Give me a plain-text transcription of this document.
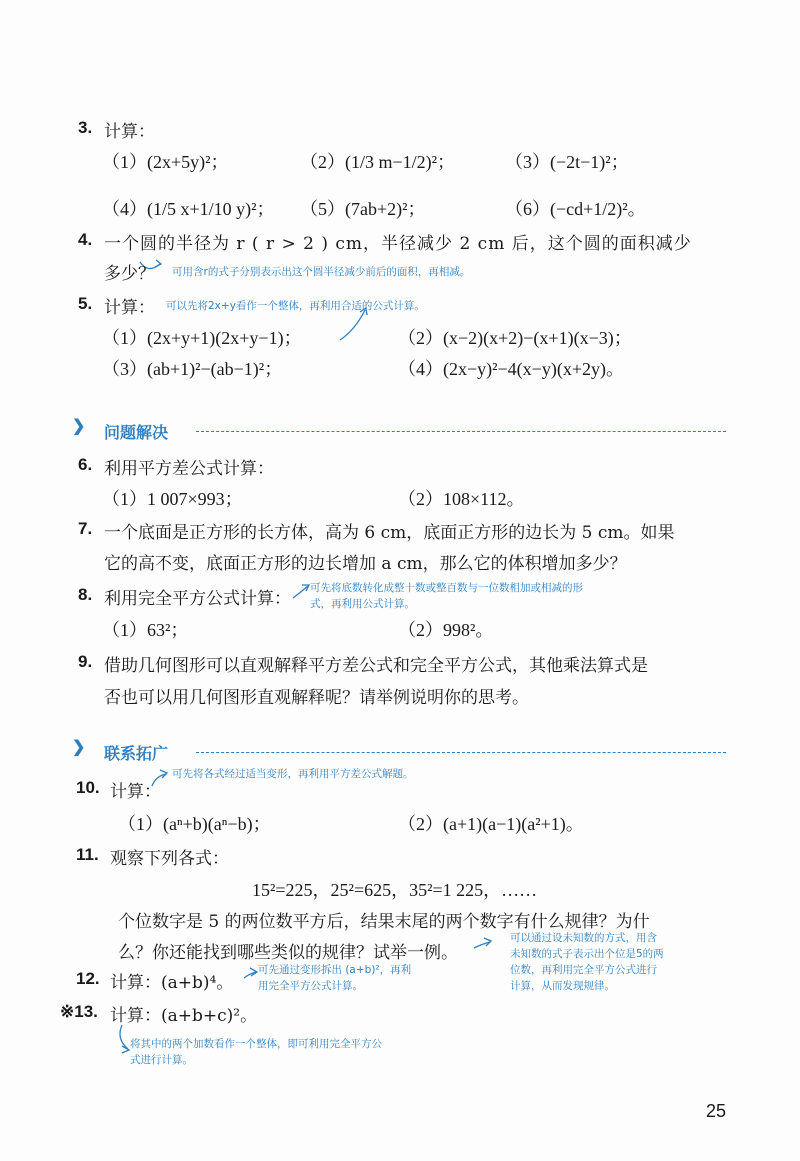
3. 计算：
（1）(2x+5y)²；	（2）(1/3 m−1/2)²；	（3）(−2t−1)²；
（4）(1/5 x+1/10 y)²； （5）(7ab+2)²；	（6）(−cd+1/2)²。
4. 一个圆的半径为 r ( r > 2 ) cm，半径减少 2 cm 后，这个圆的面积减少
多少？ 可用含r的式子分别表示出这个圆半径减少前后的面积，再相减。
5. 计算： 可以先将2x+y看作一个整体，再利用合适的公式计算。
（1）(2x+y+1)(2x+y−1)；	（2）(x−2)(x+2)−(x+1)(x−3)；
（3）(ab+1)²−(ab−1)²；	（4）(2x−y)²−4(x−y)(x+2y)。
❯ 问题解决
6. 利用平方差公式计算：
（1）1 007×993；	（2）108×112。
7. 一个底面是正方形的长方体，高为 6 cm，底面正方形的边长为 5 cm。如果
它的高不变，底面正方形的边长增加 a cm，那么它的体积增加多少？
8. 利用完全平方公式计算：
可先将底数转化成整十数或整百数与一位数相加或相减的形
式，再利用公式计算。
（1）63²；	（2）998²。
9. 借助几何图形可以直观解释平方差公式和完全平方公式，其他乘法算式是
否也可以用几何图形直观解释呢？请举例说明你的思考。
❯ 联系拓广
10. 计算：
可先将各式经过适当变形，再利用平方差公式解题。
（1）(aⁿ+b)(aⁿ−b)；	（2）(a+1)(a−1)(a²+1)。
11. 观察下列各式：
15²=225，25²=625，35²=1 225，……
个位数字是 5 的两位数平方后，结果末尾的两个数字有什么规律？为什
么？你还能找到哪些类似的规律？试举一例。
可以通过设未知数的方式，用含
未知数的式子表示出个位是5的两
位数，再利用完全平方公式进行
计算，从而发现规律。
12. 计算：(a+b)⁴。
可先通过变形拆出 (a+b)²，再利
用完全平方公式计算。
※13. 计算：(a+b+c)²。
将其中的两个加数看作一个整体，即可利用完全平方公
式进行计算。
25
